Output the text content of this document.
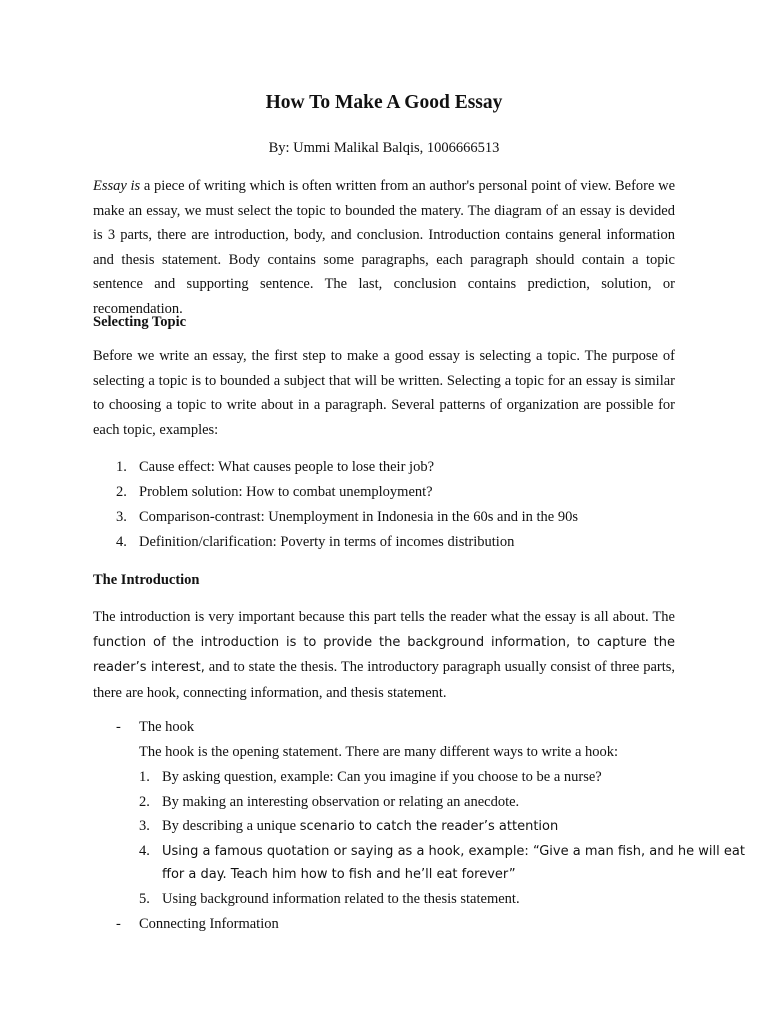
How To Make A Good Essay
By: Ummi Malikal Balqis, 1006666513

Essay is a piece of writing which is often written from an author's personal point of view. Before we make an essay, we must select the topic to bounded the matery. The diagram of an essay is devided is 3 parts, there are introduction, body, and conclusion. Introduction contains general information and thesis statement. Body contains some paragraphs, each paragraph should contain a topic sentence and supporting sentence. The last, conclusion contains prediction, solution, or recomendation.

Selecting Topic

Before we write an essay, the first step to make a good essay is selecting a topic. The purpose of selecting a topic is to bounded a subject that will be written. Selecting a topic for an essay is similar to choosing a topic to write about in a paragraph. Several patterns of organization are possible for each topic, examples:

1. Cause effect: What causes people to lose their job?
2. Problem solution: How to combat unemployment?
3. Comparison-contrast: Unemployment in Indonesia in the 60s and in the 90s
4. Definition/clarification: Poverty in terms of incomes distribution
The Introduction

The introduction is very important because this part tells the reader what the essay is all about. The function of the introduction is to provide the background information, to capture the reader’s interest, and to state the thesis. The introductory paragraph usually consist of three parts, there are hook, connecting information, and thesis statement.

- The hook
The hook is the opening statement. There are many different ways to write a hook:
1. By asking question, example: Can you imagine if you choose to be a nurse?
2. By making an interesting observation or relating an anecdote.
3. By describing a unique scenario to catch the reader’s attention
4. Using a famous quotation or saying as a hook, example: “Give a man fish, and he will eat
ffor a day. Teach him how to fish and he’ll eat forever”
5. Using background information related to the thesis statement.
- Connecting Information
